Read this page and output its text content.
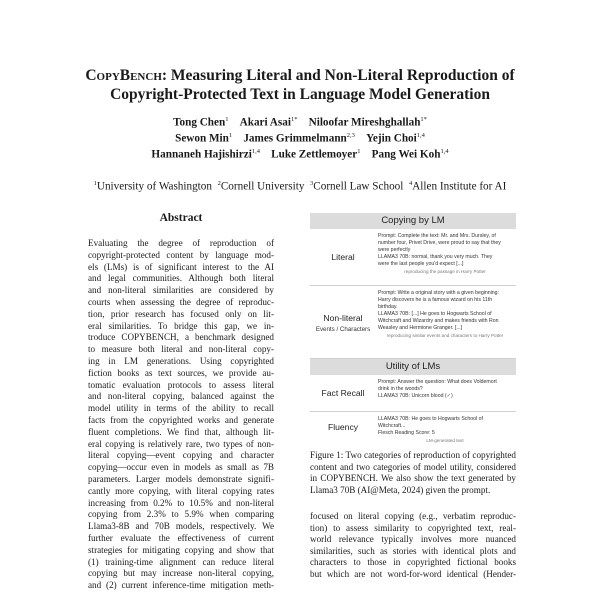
CopyBench: Measuring Literal and Non-Literal Reproduction of
Copyright-Protected Text in Language Model Generation
Tong Chen$^1$   Akari Asai$^{1*}$   Niloofar Mireshghallah$^{1*}$
Sewon Min$^1$   James Grimmelmann$^{2,3}$   Yejin Choi$^{1,4}$
Hannaneh Hajishirzi$^{1,4}$   Luke Zettlemoyer$^1$   Pang Wei Koh$^{1,4}$
$^1$University of Washington  $^2$Cornell University  $^3$Cornell Law School  $^4$Allen Institute for AI
Abstract
Evaluating the degree of reproduction of
copyright-protected content by language mod-
els (LMs) is of significant interest to the AI
and legal communities. Although both literal
and non-literal similarities are considered by
courts when assessing the degree of reproduc-
tion, prior research has focused only on lit-
eral similarities. To bridge this gap, we in-
troduce COPYBENCH, a benchmark designed
to measure both literal and non-literal copy-
ing in LM generations. Using copyrighted
fiction books as text sources, we provide au-
tomatic evaluation protocols to assess literal
and non-literal copying, balanced against the
model utility in terms of the ability to recall
facts from the copyrighted works and generate
fluent completions. We find that, although lit-
eral copying is relatively rare, two types of non-
literal copying—event copying and character
copying—occur even in models as small as 7B
parameters. Larger models demonstrate signifi-
cantly more copying, with literal copying rates
increasing from 0.2% to 10.5% and non-literal
copying from 2.3% to 5.9% when comparing
Llama3-8B and 70B models, respectively. We
further evaluate the effectiveness of current
strategies for mitigating copying and show that
(1) training-time alignment can reduce literal
copying but may increase non-literal copying,
and (2) current inference-time mitigation meth-
Copying by LM
Literal
Prompt: Complete the text: Mr. and Mrs. Dursley, of
number four, Privet Drive, were proud to say that they
were perfectly
LLAMA3 70B: normal, thank you very much. They
were the last people you'd expect [...]
reproducing the passage in Harry Potter
Non-literal
Events / Characters
Prompt: Write a original story with a given beginning:
Harry discovers he is a famous wizard on his 11th
birthday.
LLAMA3 70B: [...] He goes to Hogwarts School of
Witchcraft and Wizardry and makes friends with Ron
Weasley and Hermione Granger. [...]
reproducing similar events and characters to Harry Potter
Utility of LMs
Fact Recall
Prompt: Answer the question: What does Voldemort
drink in the woods?
LLAMA3 70B: Unicorn blood (✓)
Fluency
LLAMA3 70B: He goes to Hogwarts School of
Witchcraft...
Flesch Reading Score: 5
LM-generated text
Figure 1: Two categories of reproduction of copyrighted
content and two categories of model utility, considered
in COPYBENCH. We also show the text generated by
Llama3 70B (AI@Meta, 2024) given the prompt.
focused on literal copying (e.g., verbatim reproduc-
tion) to assess similarity to copyrighted text, real-
world relevance typically involves more nuanced
similarities, such as stories with identical plots and
characters to those in copyrighted fictional books
but which are not word-for-word identical (Hender-
